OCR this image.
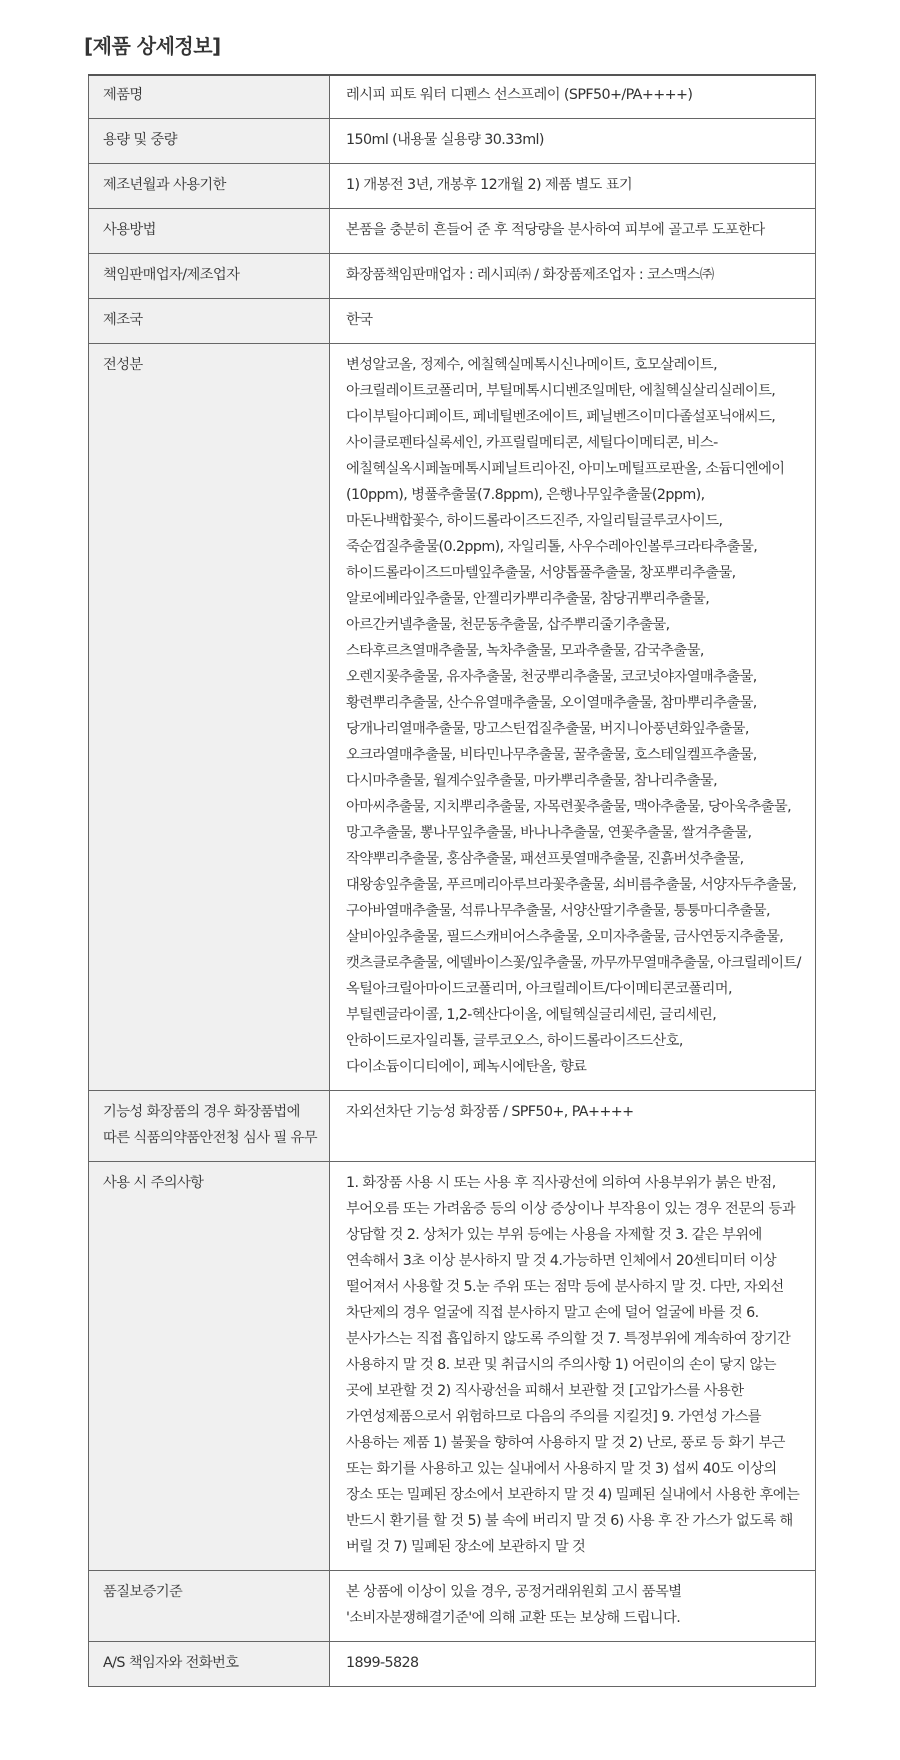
[제품 상세정보]
제품명	레시피 피토 워터 디펜스 선스프레이 (SPF50+/PA++++)
용량 및 중량	150ml (내용물 실용량 30.33ml)
제조년월과 사용기한	1) 개봉전 3년, 개봉후 12개월 2) 제품 별도 표기
사용방법	본품을 충분히 흔들어 준 후 적당량을 분사하여 피부에 골고루 도포한다
책임판매업자/제조업자	화장품책임판매업자 : 레시피㈜ / 화장품제조업자 : 코스맥스㈜
제조국	한국
전성분	변성알코올, 정제수, 에칠헥실메톡시신나메이트, 호모살레이트, 아크릴레이트코폴리머, 부틸메톡시디벤조일메탄, 에칠헥실살리실레이트, 다이부틸아디페이트, 페네틸벤조에이트, 페닐벤즈이미다졸설포닉애씨드, 사이클로펜타실록세인, 카프릴릴메티콘, 세틸다이메티콘, 비스-에칠헥실옥시페놀메톡시페닐트리아진, 아미노메틸프로판올, 소듐디엔에이(10ppm), 병풀추출물(7.8ppm), 은행나무잎추출물(2ppm), 마돈나백합꽃수, 하이드롤라이즈드진주, 자일리틸글루코사이드, 죽순껍질추출물(0.2ppm), 자일리톨, 사우수레아인볼루크라타추출물, 하이드롤라이즈드마텔잎추출물, 서양톱풀추출물, 창포뿌리추출물, 알로에베라잎추출물, 안젤리카뿌리추출물, 참당귀뿌리추출물, 아르간커넬추출물, 천문동추출물, 삽주뿌리줄기추출물, 스타후르츠열매추출물, 녹차추출물, 모과추출물, 감국추출물, 오렌지꽃추출물, 유자추출물, 천궁뿌리추출물, 코코넛야자열매추출물, 황련뿌리추출물, 산수유열매추출물, 오이열매추출물, 참마뿌리추출물, 당개나리열매추출물, 망고스틴껍질추출물, 버지니아풍년화잎추출물, 오크라열매추출물, 비타민나무추출물, 꿀추출물, 호스테일켈프추출물, 다시마추출물, 월계수잎추출물, 마카뿌리추출물, 참나리추출물, 아마씨추출물, 지치뿌리추출물, 자목련꽃추출물, 맥아추출물, 당아욱추출물, 망고추출물, 뽕나무잎추출물, 바나나추출물, 연꽃추출물, 쌀겨추출물, 작약뿌리추출물, 홍삼추출물, 패션프룻열매추출물, 진흙버섯추출물, 대왕송잎추출물, 푸르메리아루브라꽃추출물, 쇠비름추출물, 서양자두추출물, 구아바열매추출물, 석류나무추출물, 서양산딸기추출물, 퉁퉁마디추출물, 살비아잎추출물, 필드스캐비어스추출물, 오미자추출물, 금사연둥지추출물, 캣츠클로추출물, 에델바이스꽃/잎추출물, 까무까무열매추출물, 아크릴레이트/옥틸아크릴아마이드코폴리머, 아크릴레이트/다이메티콘코폴리머, 부틸렌글라이콜, 1,2-헥산다이올, 에틸헥실글리세린, 글리세린, 안하이드로자일리톨, 글루코오스, 하이드롤라이즈드산호, 다이소듐이디티에이, 페녹시에탄올, 향료
기능성 화장품의 경우 화장품법에 따른 식품의약품안전청 심사 필 유무	자외선차단 기능성 화장품 / SPF50+, PA++++
사용 시 주의사항	1. 화장품 사용 시 또는 사용 후 직사광선에 의하여 사용부위가 붉은 반점, 부어오름 또는 가려움증 등의 이상 증상이나 부작용이 있는 경우 전문의 등과 상담할 것 2. 상처가 있는 부위 등에는 사용을 자제할 것 3. 같은 부위에 연속해서 3초 이상 분사하지 말 것 4.가능하면 인체에서 20센티미터 이상 떨어져서 사용할 것 5.눈 주위 또는 점막 등에 분사하지 말 것. 다만, 자외선 차단제의 경우 얼굴에 직접 분사하지 말고 손에 덜어 얼굴에 바를 것 6. 분사가스는 직접 흡입하지 않도록 주의할 것 7. 특정부위에 계속하여 장기간 사용하지 말 것 8. 보관 및 취급시의 주의사항 1) 어린이의 손이 닿지 않는 곳에 보관할 것 2) 직사광선을 피해서 보관할 것 [고압가스를 사용한 가연성제품으로서 위험하므로 다음의 주의를 지킬것] 9. 가연성 가스를 사용하는 제품 1) 불꽃을 향하여 사용하지 말 것 2) 난로, 풍로 등 화기 부근 또는 화기를 사용하고 있는 실내에서 사용하지 말 것 3) 섭씨 40도 이상의 장소 또는 밀폐된 장소에서 보관하지 말 것 4) 밀폐된 실내에서 사용한 후에는 반드시 환기를 할 것 5) 불 속에 버리지 말 것 6) 사용 후 잔 가스가 없도록 해 버릴 것 7) 밀폐된 장소에 보관하지 말 것
품질보증기준	본 상품에 이상이 있을 경우, 공정거래위원회 고시 품목별 '소비자분쟁해결기준'에 의해 교환 또는 보상해 드립니다.
A/S 책임자와 전화번호	1899-5828
